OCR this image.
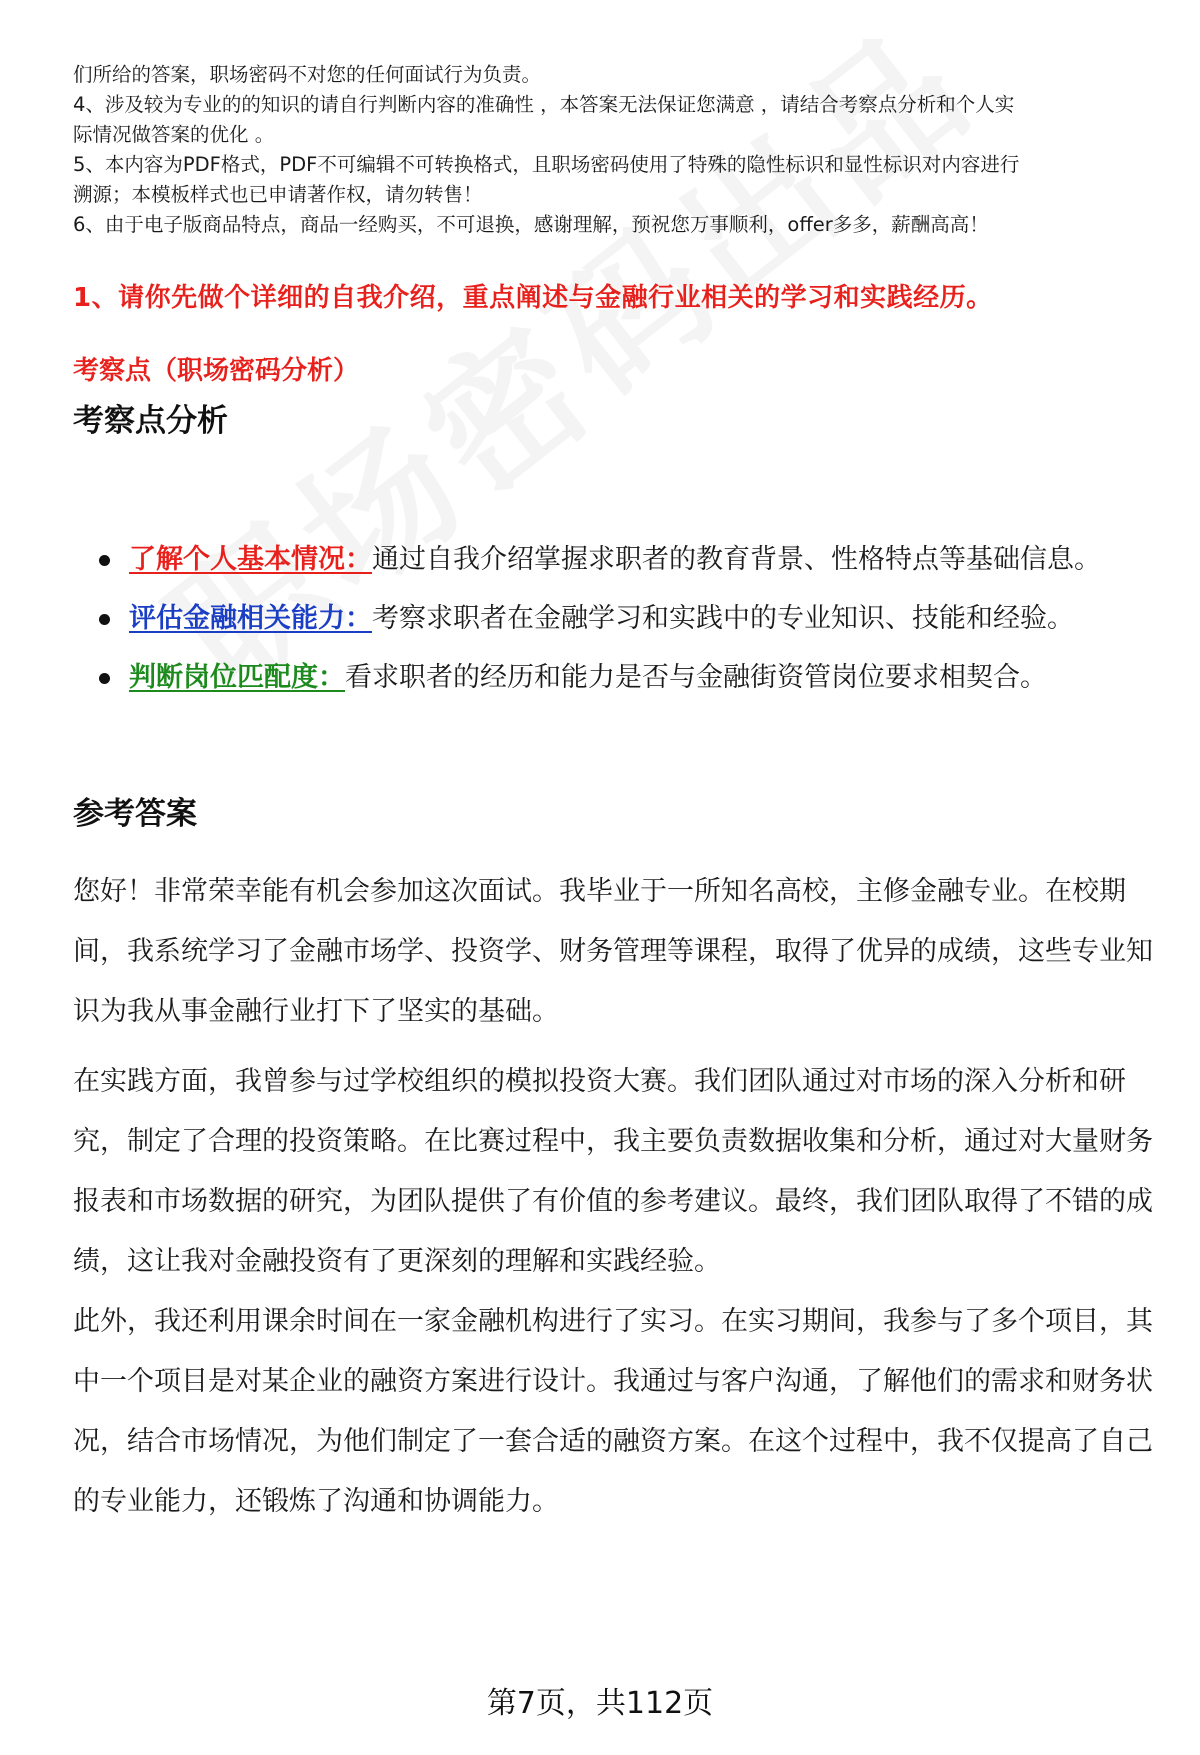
们所给的答案，职场密码不对您的任何面试行为负责。

4、涉及较为专业的的知识的请自行判断内容的准确性 ，本答案无法保证您满意 ，请结合考察点分析和个人实

际情况做答案的优化 。

5、本内容为PDF格式，PDF不可编辑不可转换格式，且职场密码使用了特殊的隐性标识和显性标识对内容进行

溯源；本模板样式也已申请著作权，请勿转售！

6、由于电子版商品特点，商品一经购买，不可退换，感谢理解，预祝您万事顺利，offer多多，薪酬高高！

1、请你先做个详细的自我介绍，重点阐述与金融行业相关的学习和实践经历。
考察点（职场密码分析）
考察点分析
了解个人基本情况：通过自我介绍掌握求职者的教育背景、性格特点等基础信息。
评估金融相关能力：考察求职者在金融学习和实践中的专业知识、技能和经验。
判断岗位匹配度：看求职者的经历和能力是否与金融街资管岗位要求相契合。
参考答案

您好！非常荣幸能有机会参加这次面试。我毕业于一所知名高校，主修金融专业。在校期间，我系统学习了金融市场学、投资学、财务管理等课程，取得了优异的成绩，这些专业知识为我从事金融行业打下了坚实的基础。

在实践方面，我曾参与过学校组织的模拟投资大赛。我们团队通过对市场的深入分析和研究，制定了合理的投资策略。在比赛过程中，我主要负责数据收集和分析，通过对大量财务报表和市场数据的研究，为团队提供了有价值的参考建议。最终，我们团队取得了不错的成绩，这让我对金融投资有了更深刻的理解和实践经验。

此外，我还利用课余时间在一家金融机构进行了实习。在实习期间，我参与了多个项目，其中一个项目是对某企业的融资方案进行设计。我通过与客户沟通，了解他们的需求和财务状况，结合市场情况，为他们制定了一套合适的融资方案。在这个过程中，我不仅提高了自己的专业能力，还锻炼了沟通和协调能力。

第7页，共112页
